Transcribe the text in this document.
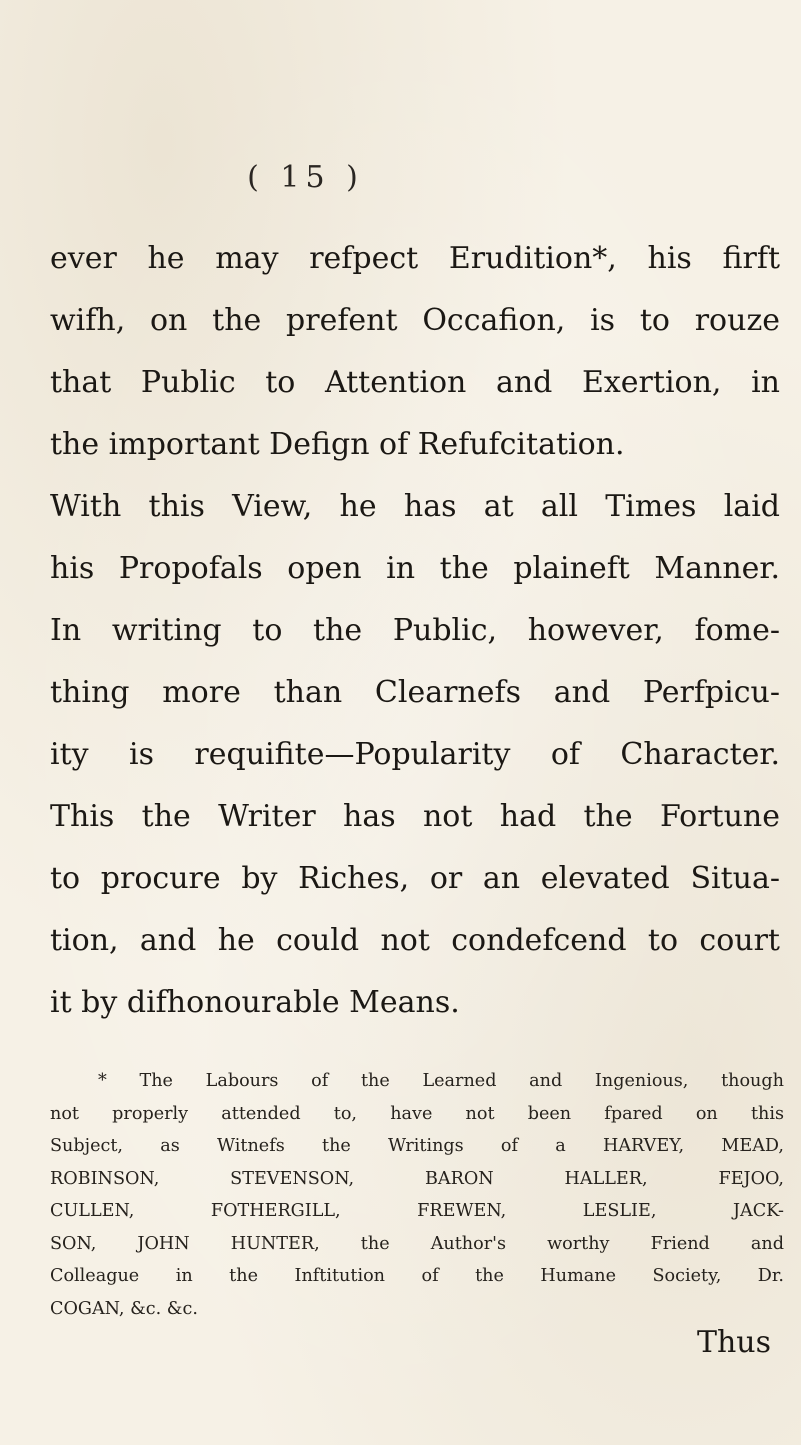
( 15 )
ever he may refpect Erudition*, his firft
wifh, on the prefent Occafion, is to rouze
that Public to Attention and Exertion, in
the important Defign of Refufcitation.
With this View, he has at all Times laid
his Propofals open in the plaineft Manner.
In writing to the Public, however, fome-
thing more than Clearnefs and Perfpicu-
ity is requifite—Popularity of Character.
This the Writer has not had the Fortune
to procure by Riches, or an elevated Situa-
tion, and he could not condefcend to court
it by difhonourable Means.
* The Labours of the Learned and Ingenious, though
not properly attended to, have not been fpared on this
Subject, as Witnefs the Writings of a HARVEY, MEAD,
ROBINSON, STEVENSON, BARON HALLER, FEJOO,
CULLEN, FOTHERGILL, FREWEN, LESLIE, JACK-
SON, JOHN HUNTER, the Author's worthy Friend and
Colleague in the Inftitution of the Humane Society, Dr.
COGAN, &c. &c.
Thus
